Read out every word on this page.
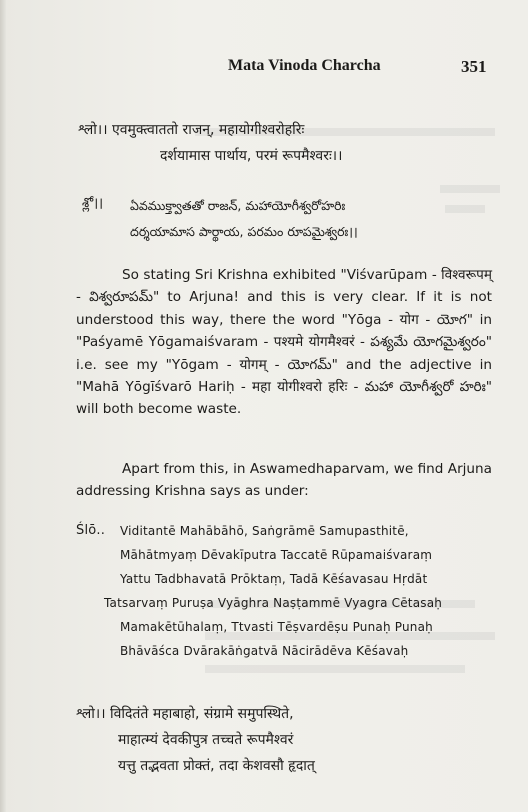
Mata Vinoda Charcha	351
श्लो।। एवमुक्त्वाततो राजन्, महायोगीश्वरोहरिः
दर्शयामास पार्थाय, परमं रूपमैश्वरः।।
శ్లో।। ఏవముక్త్వాతతో రాజన్, మహాయోగీశ్వరోహరిః
దర్శయామాస పార్థాయ, పరమం రూపమైశ్వరః।।
So stating Sri Krishna exhibited "Viśvarūpam - विश्वरूपम् - విశ్వరూపమ్" to Arjuna! and this is very clear. If it is not understood this way, there the word "Yōga - योग - యోగ" in "Paśyamē Yōgamaiśvaram - पश्यमे योगमैश्वरं - పశ్యమే యోగమైశ్వరం" i.e. see my "Yōgam - योगम् - యోగమ్" and the adjective in "Mahā Yōgīśvarō Hariḥ - महा योगीश्वरो हरिः - మహా యోగీశ్వరో హరిః" will both become waste.
Apart from this, in Aswamedhaparvam, we find Arjuna addressing Krishna says as under:
Ślō.. Viditantē Mahābāhō, Saṅgrāmē Samupasthitē,
Māhātmyaṃ Dēvakīputra Taccatē Rūpamaiśvaraṃ
Yattu Tadbhavatā Prōktaṃ, Tadā Kēśavasau Hṛdāt
Tatsarvaṃ Puruṣa Vyāghra Naṣṭammē Vyagra Cētasaḥ
Mamakētūhalaṃ, Ttvasti Tēṣvardēṣu Punaḥ Punaḥ
Bhāvāśca Dvārakāṅgatvā Nācirādēva Kēśavaḥ
श्लो।। विदितंते महाबाहो, संग्रामे समुपस्थिते,
माहात्म्यं देवकीपुत्र तच्चते रूपमैश्वरं
यत्तु तद्भवता प्रोक्तं, तदा केशवसौ हृदात्
